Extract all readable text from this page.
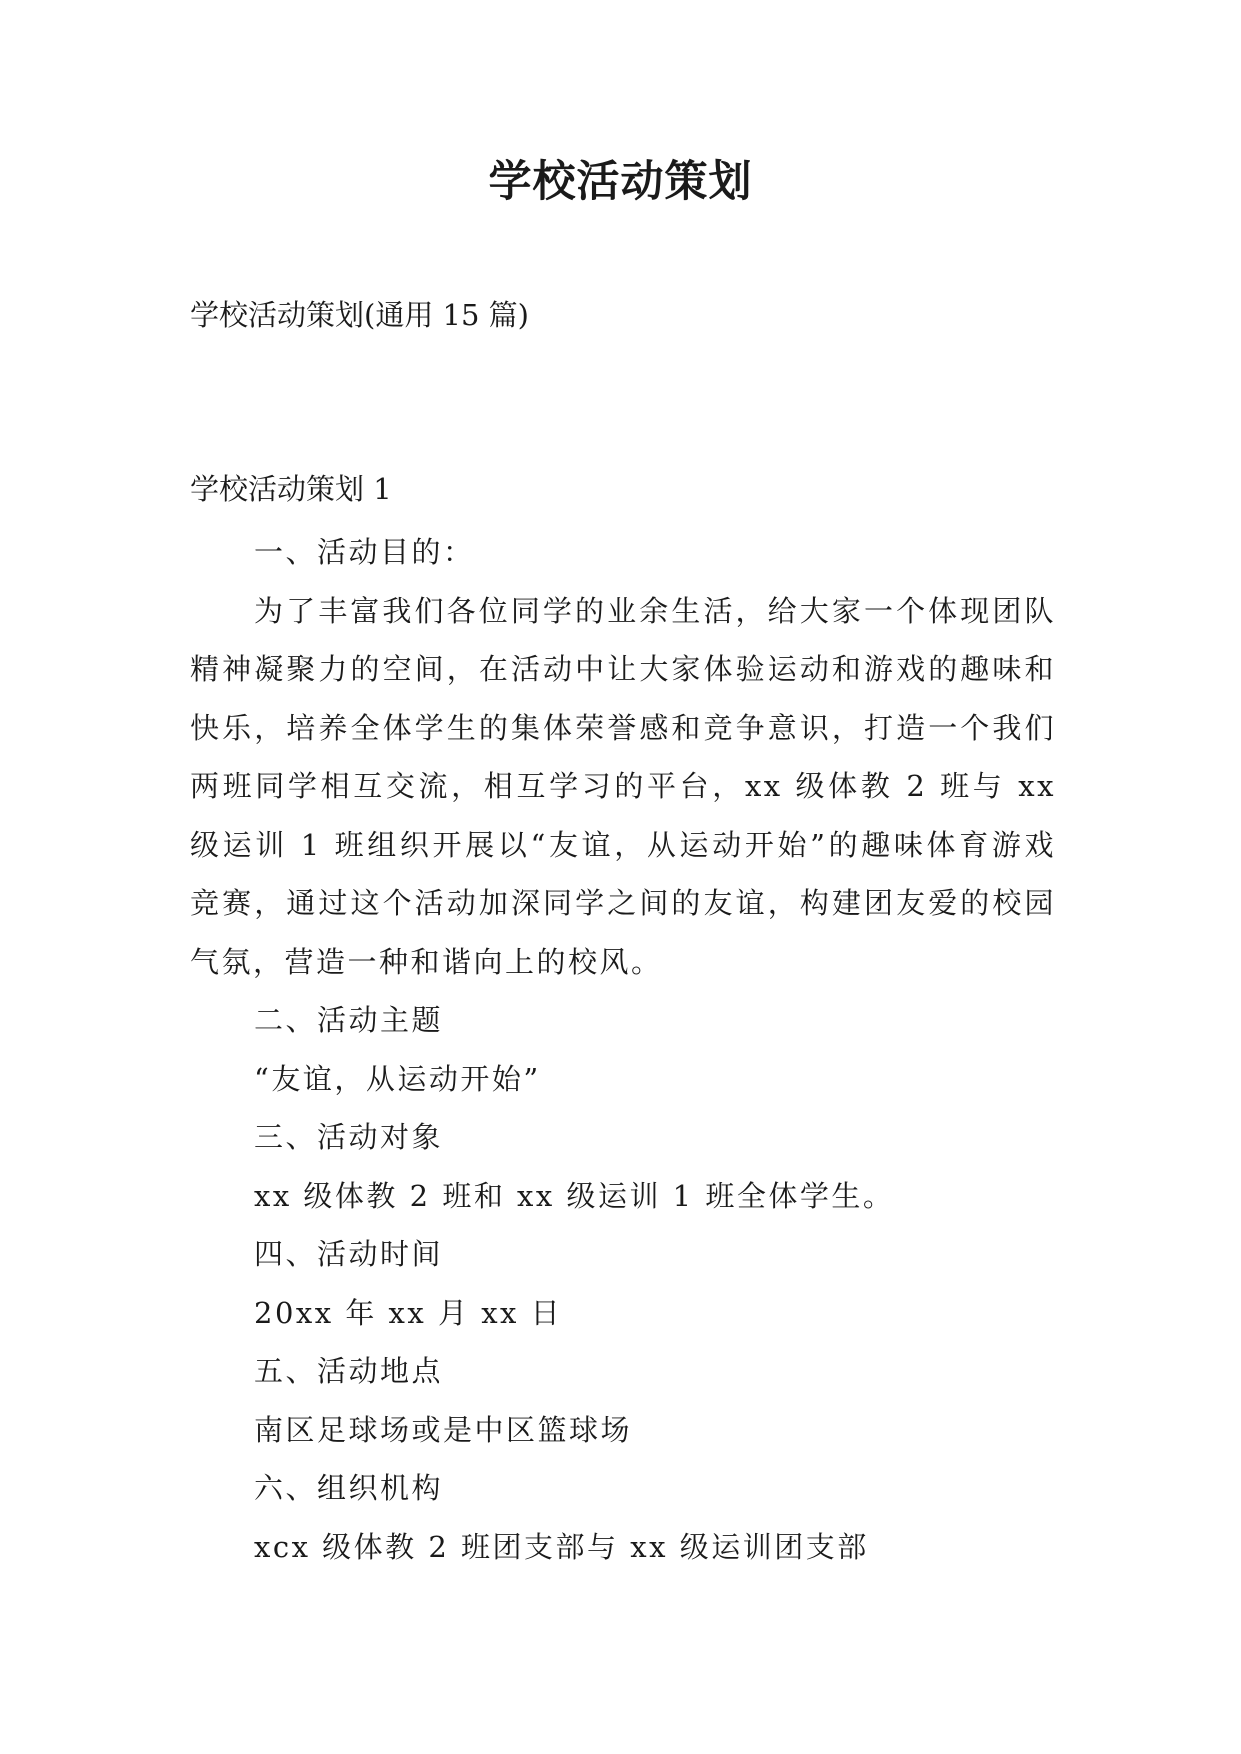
学校活动策划
学校活动策划(通用 15 篇)
学校活动策划 1

一、活动目的：

为了丰富我们各位同学的业余生活，给大家一个体现团队精神凝聚力的空间，在活动中让大家体验运动和游戏的趣味和快乐，培养全体学生的集体荣誉感和竞争意识，打造一个我们两班同学相互交流，相互学习的平台，xx 级体教 2 班与 xx 级运训 1 班组织开展以“友谊，从运动开始”的趣味体育游戏竞赛，通过这个活动加深同学之间的友谊，构建团友爱的校园气氛，营造一种和谐向上的校风。

二、活动主题

“友谊，从运动开始”

三、活动对象

xx 级体教 2 班和 xx 级运训 1 班全体学生。

四、活动时间

20xx 年 xx 月 xx 日

五、活动地点

南区足球场或是中区篮球场

六、组织机构

xcx 级体教 2 班团支部与 xx 级运训团支部
